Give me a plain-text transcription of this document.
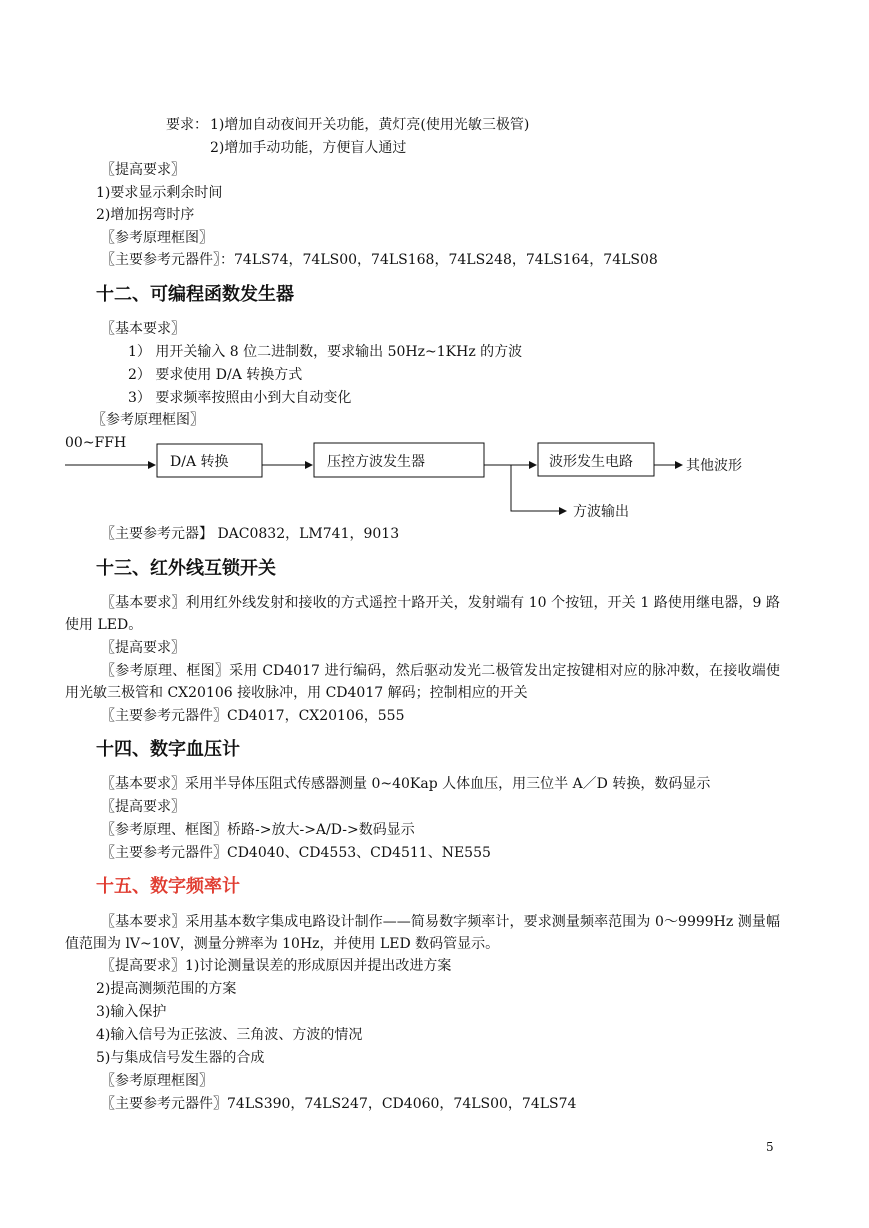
要求： 1)增加自动夜间开关功能，黄灯亮(使用光敏三极管)
2)增加手动功能，方便盲人通过
〖提高要求〗
1)要求显示剩余时间
2)增加拐弯时序
〖参考原理框图〗
〖主要参考元器件〗：74LS74，74LS00，74LS168，74LS248，74LS164，74LS08
十二、可编程函数发生器
〖基本要求〗
1） 用开关输入 8 位二进制数，要求输出 50Hz~1KHz 的方波
2） 要求使用 D/A 转换方式
3） 要求频率按照由小到大自动变化
〖参考原理框图〗
00~FFH
D/A 转换	压控方波发生器	波形发生电路	其他波形
方波输出
〖主要参考元器】 DAC0832，LM741，9013
十三、红外线互锁开关
〖基本要求〗利用红外线发射和接收的方式遥控十路开关，发射端有 10 个按钮，开关 1 路使用继电器，9 路使用 LED。
〖提高要求〗
〖参考原理、框图〗采用 CD4017 进行编码，然后驱动发光二极管发出定按键相对应的脉冲数，在接收端使用光敏三极管和 CX20106 接收脉冲，用 CD4017 解码；控制相应的开关
〖主要参考元器件〗CD4017，CX20106，555
十四、数字血压计
〖基本要求〗采用半导体压阻式传感器测量 0~40Kap 人体血压，用三位半 A／D 转换，数码显示
〖提高要求〗
〖参考原理、框图〗桥路->放大->A/D->数码显示
〖主要参考元器件〗CD4040、CD4553、CD4511、NE555
十五、数字频率计
〖基本要求〗采用基本数字集成电路设计制作——简易数字频率计，要求测量频率范围为 0～9999Hz 测量幅值范围为 lV~10V，测量分辨率为 10Hz，并使用 LED 数码管显示。
〖提高要求〗1)讨论测量误差的形成原因并提出改进方案
2)提高测频范围的方案
3)输入保护
4)输入信号为正弦波、三角波、方波的情况
5)与集成信号发生器的合成
〖参考原理框图〗
〖主要参考元器件〗74LS390，74LS247，CD4060，74LS00，74LS74
5
